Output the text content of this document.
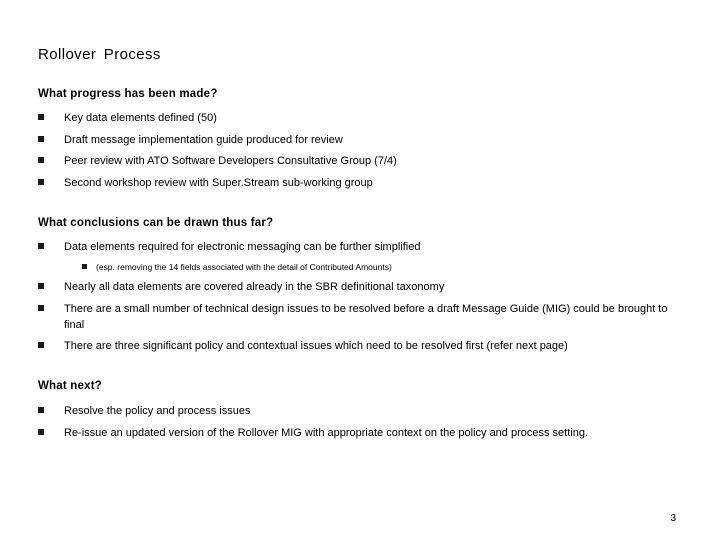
Rollover Process
What progress has been made?
Key data elements defined (50)
Draft message implementation guide produced for review
Peer review with ATO Software Developers Consultative Group (7/4)
Second workshop review with Super.Stream sub-working group
What conclusions can be drawn thus far?
Data elements required for electronic messaging can be further simplified
(esp. removing the 14 fields associated with the detail of Contributed Amounts)
Nearly all data elements are covered already in the SBR definitional taxonomy
There are a small number of technical design issues to be resolved before a draft Message Guide (MIG) could be brought to final
There are three significant policy and contextual issues which need to be resolved first (refer next page)
What next?
Resolve the policy and process issues
Re-issue an updated version of the Rollover MIG with appropriate context on the policy and process setting.
3
